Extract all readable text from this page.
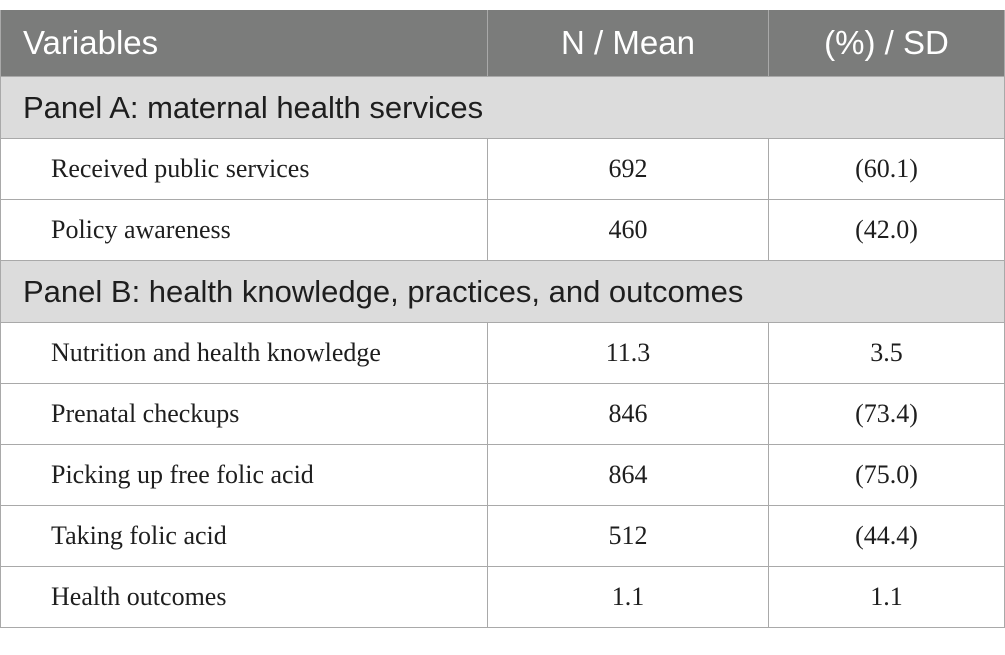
Variables	N / Mean	(%) / SD
Panel A: maternal health services		
Received public services	692	(60.1)
Policy awareness	460	(42.0)
Panel B: health knowledge, practices, and outcomes		
Nutrition and health knowledge	11.3	3.5
Prenatal checkups	846	(73.4)
Picking up free folic acid	864	(75.0)
Taking folic acid	512	(44.4)
Health outcomes	1.1	1.1
